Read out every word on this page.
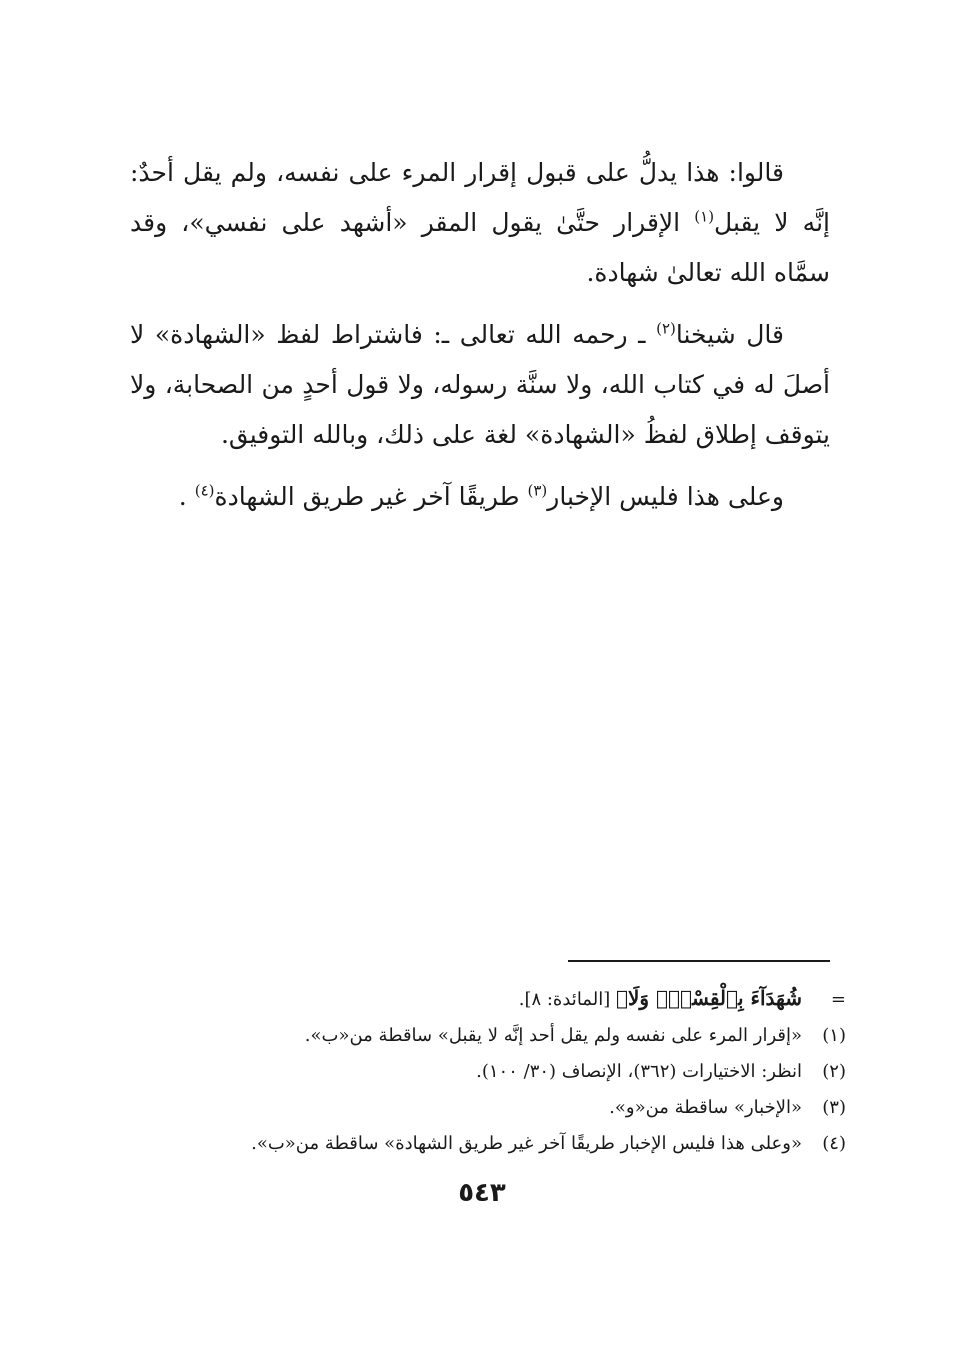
قالوا: هذا يدلُّ على قبول إقرار المرء على نفسه، ولم يقل أحدٌ: إنَّه لا يقبل$^{(١)}$ الإقرار حتَّىٰ يقول المقر «أشهد على نفسي»، وقد سمَّاه الله تعالىٰ شهادة.

قال شيخنا$^{(٢)}$ ـ رحمه الله تعالى ـ: فاشتراط لفظ «الشهادة» لا أصلَ له في كتاب الله، ولا سنَّة رسوله، ولا قول أحدٍ من الصحابة، ولا يتوقف إطلاق لفظُ «الشهادة» لغة على ذلك، وبالله التوفيق.

وعلى هذا فليس الإخبار$^{(٣)}$ طريقًا آخر غير طريق الشهادة$^{(٤)}$ .

=
شُهَدَآءَ بِٱلْقِسْطِۖ وَلَا﴾ [المائدة: ٨].
(١)
«إقرار المرء على نفسه ولم يقل أحد إنَّه لا يقبل» ساقطة من«ب».
(٢)
انظر: الاختيارات (٣٦٢)، الإنصاف (٣٠/ ١٠٠).
(٣)
«الإخبار» ساقطة من«و».
(٤)
«وعلى هذا فليس الإخبار طريقًا آخر غير طريق الشهادة» ساقطة من«ب».
٥٤٣
